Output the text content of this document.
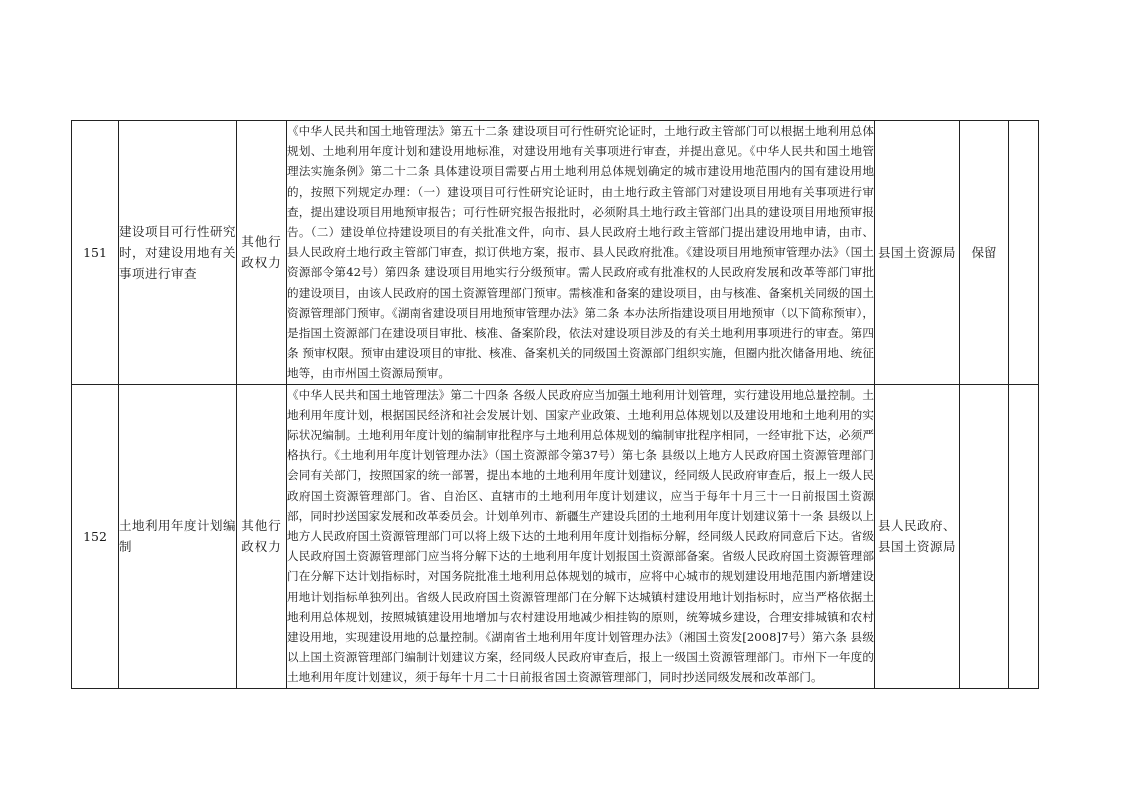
151	建设项目可行性研究时，对建设用地有关事项进行审查	其他行政权力	《中华人民共和国土地管理法》第五十二条 建设项目可行性研究论证时，土地行政主管部门可以根据土地利用总体规划、土地利用年度计划和建设用地标准，对建设用地有关事项进行审查，并提出意见。《中华人民共和国土地管理法实施条例》第二十二条 具体建设项目需要占用土地利用总体规划确定的城市建设用地范围内的国有建设用地的，按照下列规定办理：（一）建设项目可行性研究论证时，由土地行政主管部门对建设项目用地有关事项进行审查，提出建设项目用地预审报告；可行性研究报告报批时，必须附具土地行政主管部门出具的建设项目用地预审报告。（二）建设单位持建设项目的有关批准文件，向市、县人民政府土地行政主管部门提出建设用地申请，由市、县人民政府土地行政主管部门审查，拟订供地方案，报市、县人民政府批准。《建设项目用地预审管理办法》（国土资源部令第42号）第四条 建设项目用地实行分级预审。需人民政府或有批准权的人民政府发展和改革等部门审批的建设项目，由该人民政府的国土资源管理部门预审。需核准和备案的建设项目，由与核准、备案机关同级的国土资源管理部门预审。《湖南省建设项目用地预审管理办法》第二条 本办法所指建设项目用地预审（以下简称预审），是指国土资源部门在建设项目审批、核准、备案阶段，依法对建设项目涉及的有关土地利用事项进行的审查。第四条 预审权限。预审由建设项目的审批、核准、备案机关的同级国土资源部门组织实施，但圈内批次储备用地、统征地等，由市州国土资源局预审。	县国土资源局	保留		
152	土地利用年度计划编制	其他行政权力	《中华人民共和国土地管理法》第二十四条 各级人民政府应当加强土地利用计划管理，实行建设用地总量控制。土地利用年度计划，根据国民经济和社会发展计划、国家产业政策、土地利用总体规划以及建设用地和土地利用的实际状况编制。土地利用年度计划的编制审批程序与土地利用总体规划的编制审批程序相同，一经审批下达，必须严格执行。《土地利用年度计划管理办法》（国土资源部令第37号）第七条 县级以上地方人民政府国土资源管理部门会同有关部门，按照国家的统一部署，提出本地的土地利用年度计划建议，经同级人民政府审查后，报上一级人民政府国土资源管理部门。省、自治区、直辖市的土地利用年度计划建议，应当于每年十月三十一日前报国土资源部，同时抄送国家发展和改革委员会。计划单列市、新疆生产建设兵团的土地利用年度计划建议第十一条 县级以上地方人民政府国土资源管理部门可以将上级下达的土地利用年度计划指标分解，经同级人民政府同意后下达。省级人民政府国土资源管理部门应当将分解下达的土地利用年度计划报国土资源部备案。省级人民政府国土资源管理部门在分解下达计划指标时，对国务院批准土地利用总体规划的城市，应将中心城市的规划建设用地范围内新增建设用地计划指标单独列出。省级人民政府国土资源管理部门在分解下达城镇村建设用地计划指标时，应当严格依据土地利用总体规划，按照城镇建设用地增加与农村建设用地减少相挂钩的原则，统筹城乡建设，合理安排城镇和农村建设用地，实现建设用地的总量控制。《湖南省土地利用年度计划管理办法》（湘国土资发[2008]7号）第六条 县级以上国土资源管理部门编制计划建议方案，经同级人民政府审查后，报上一级国土资源管理部门。市州下一年度的土地利用年度计划建议，须于每年十月二十日前报省国土资源管理部门，同时抄送同级发展和改革部门。	县人民政府、县国土资源局			
